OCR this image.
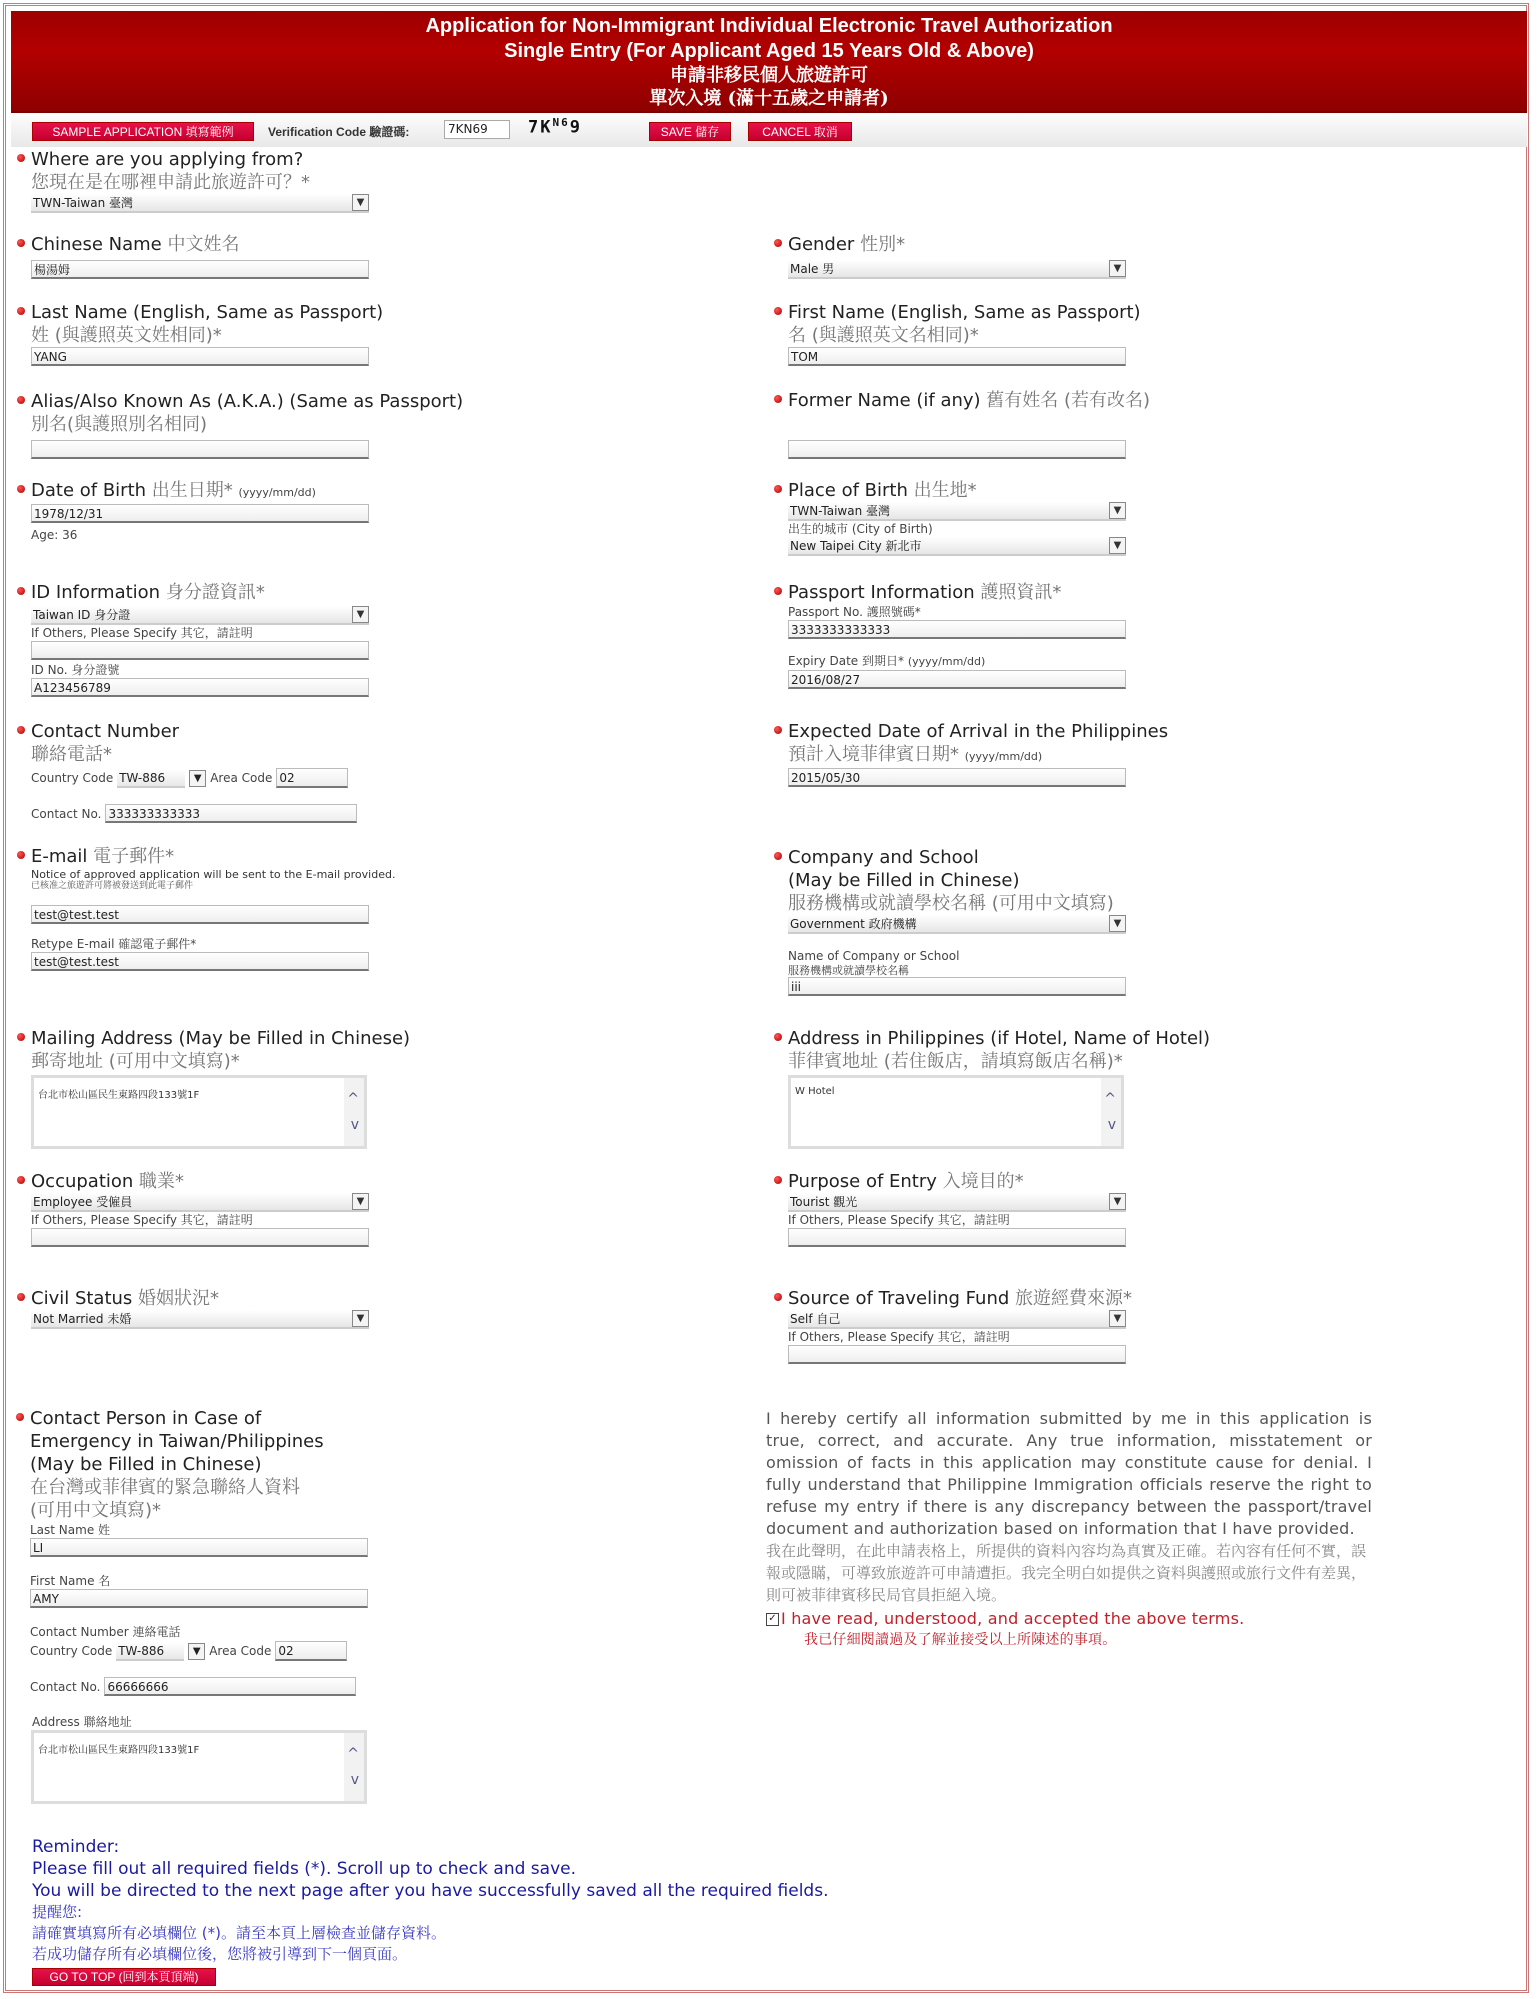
Application for Non-Immigrant Individual Electronic Travel Authorization
Single Entry (For Applicant Aged 15 Years Old & Above)
申請非移民個人旅遊許可
單次入境 (滿十五歲之申請者)
SAMPLE APPLICATION 填寫範例	Verification Code 驗證碼:	7KN69	$7K^{N6}9$	SAVE 儲存	CANCEL 取消
Where are you applying from?
您現在是在哪裡申請此旅遊許可？*
TWN-Taiwan 臺灣	▼
Chinese Name 中文姓名
楊湯姆
Last Name (English, Same as Passport)
姓 (與護照英文姓相同)*
YANG
Alias/Also Known As (A.K.A.) (Same as Passport)
別名(與護照別名相同)
Date of Birth 出生日期* (yyyy/mm/dd)
1978/12/31
Age: 36
ID Information 身分證資訊*
Taiwan ID 身分證	▼
If Others, Please Specify 其它，請註明
ID No. 身分證號
A123456789
Contact Number
聯絡電話*
Country Code TW-886	▼ Area Code 02
Contact No. 333333333333
E-mail 電子郵件*
Notice of approved application will be sent to the E-mail provided.
已核准之旅遊許可將被發送到此電子郵件
test@test.test
Retype E-mail 確認電子郵件*
test@test.test
Mailing Address (May be Filled in Chinese)
郵寄地址 (可用中文填寫)*
台北市松山區民生東路四段133號1F	^
v
Occupation 職業*
Employee 受僱員	▼
If Others, Please Specify 其它，請註明
Civil Status 婚姻狀況*
Not Married 未婚	▼
Contact Person in Case of
Emergency in Taiwan/Philippines
(May be Filled in Chinese)
在台灣或菲律賓的緊急聯絡人資料
(可用中文填寫)*
Last Name 姓
LI
First Name 名
AMY
Contact Number 連絡電話
Country Code TW-886	▼ Area Code 02
Contact No. 66666666
Address 聯絡地址
台北市松山區民生東路四段133號1F	^
v
Gender 性別*
Male 男	▼
First Name (English, Same as Passport)
名 (與護照英文名相同)*
TOM
Former Name (if any) 舊有姓名 (若有改名)
Place of Birth 出生地*
TWN-Taiwan 臺灣	▼
出生的城市 (City of Birth)
New Taipei City 新北市	▼
Passport Information 護照資訊*
Passport No. 護照號碼*
3333333333333
Expiry Date 到期日* (yyyy/mm/dd)
2016/08/27
Expected Date of Arrival in the Philippines
預計入境菲律賓日期* (yyyy/mm/dd)
2015/05/30
Company and School
(May be Filled in Chinese)
服務機構或就讀學校名稱 (可用中文填寫)
Government 政府機構	▼
Name of Company or School
服務機構或就讀學校名稱
iii
Address in Philippines (if Hotel, Name of Hotel)
菲律賓地址 (若住飯店，請填寫飯店名稱)*
W Hotel	^
v
Purpose of Entry 入境目的*
Tourist 觀光	▼
If Others, Please Specify 其它，請註明
Source of Traveling Fund 旅遊經費來源*
Self 自己	▼
If Others, Please Specify 其它，請註明
I hereby certify all information submitted by me in this application is true, correct, and accurate. Any true information, misstatement or omission of facts in this application may constitute cause for denial. I fully understand that Philippine Immigration officials reserve the right to refuse my entry if there is any discrepancy between the passport/travel document and authorization based on information that I have provided.
我在此聲明，在此申請表格上，所提供的資料內容均為真實及正確。若內容有任何不實，誤報或隱瞞，可導致旅遊許可申請遭拒。我完全明白如提供之資料與護照或旅行文件有差異，則可被菲律賓移民局官員拒絕入境。
✓ I have read, understood, and accepted the above terms.
我已仔細閱讀過及了解並接受以上所陳述的事項。
Reminder:
Please fill out all required fields (*). Scroll up to check and save.
You will be directed to the next page after you have successfully saved all the required fields.
提醒您:
請確實填寫所有必填欄位 (*)。請至本頁上層檢查並儲存資料。
若成功儲存所有必填欄位後，您將被引導到下一個頁面。
GO TO TOP (回到本頁頂端)
